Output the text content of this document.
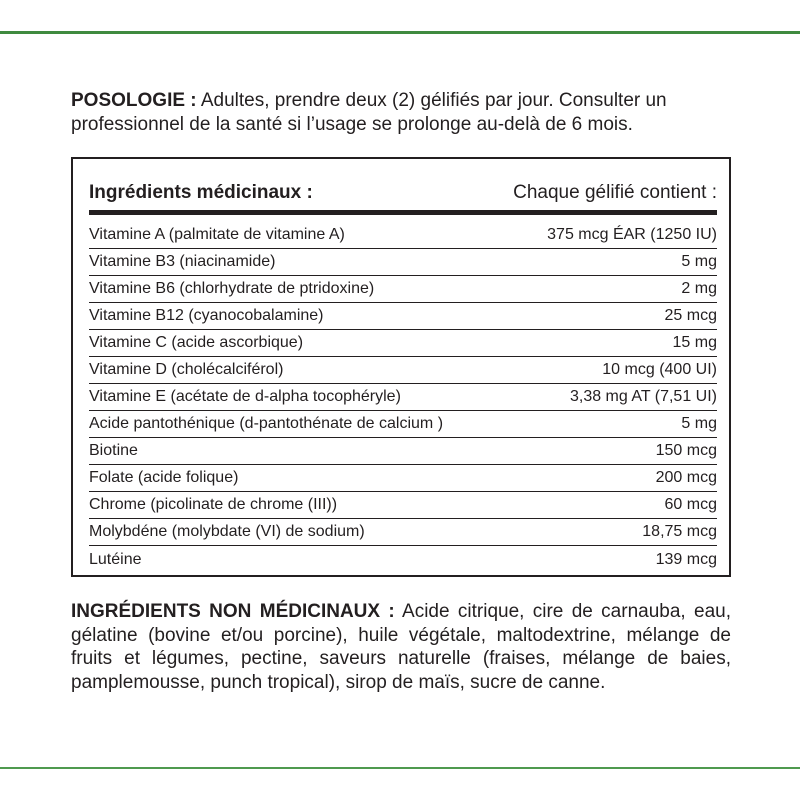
POSOLOGIE : Adultes, prendre deux (2) gélifiés par jour. Consulter un professionnel de la santé si l’usage se prolonge au-delà de 6 mois.

Ingrédients médicinaux :	Chaque gélifié contient :
Vitamine A (palmitate de vitamine A)	375 mcg ÉAR (1250 IU)
Vitamine B3 (niacinamide)	5 mg
Vitamine B6 (chlorhydrate de ptridoxine)	2 mg
Vitamine B12 (cyanocobalamine)	25 mcg
Vitamine C (acide ascorbique)	15 mg
Vitamine D (cholécalciférol)	10 mcg (400 UI)
Vitamine E (acétate de d-alpha tocophéryle)	3,38 mg AT (7,51 UI)
Acide pantothénique (d-pantothénate de calcium )	5 mg
Biotine	150 mcg
Folate (acide folique)	200 mcg
Chrome (picolinate de chrome (III))	60 mcg
Molybdéne (molybdate (VI) de sodium)	18,75 mcg
Lutéine	139 mcg

INGRÉDIENTS NON MÉDICINAUX : Acide citrique, cire de carnauba, eau, gélatine (bovine et/ou porcine), huile végétale, maltodextrine, mélange de fruits et légumes, pectine, saveurs naturelle (fraises, mélange de baies, pamplemousse, punch tropical), sirop de maïs, sucre de canne.
